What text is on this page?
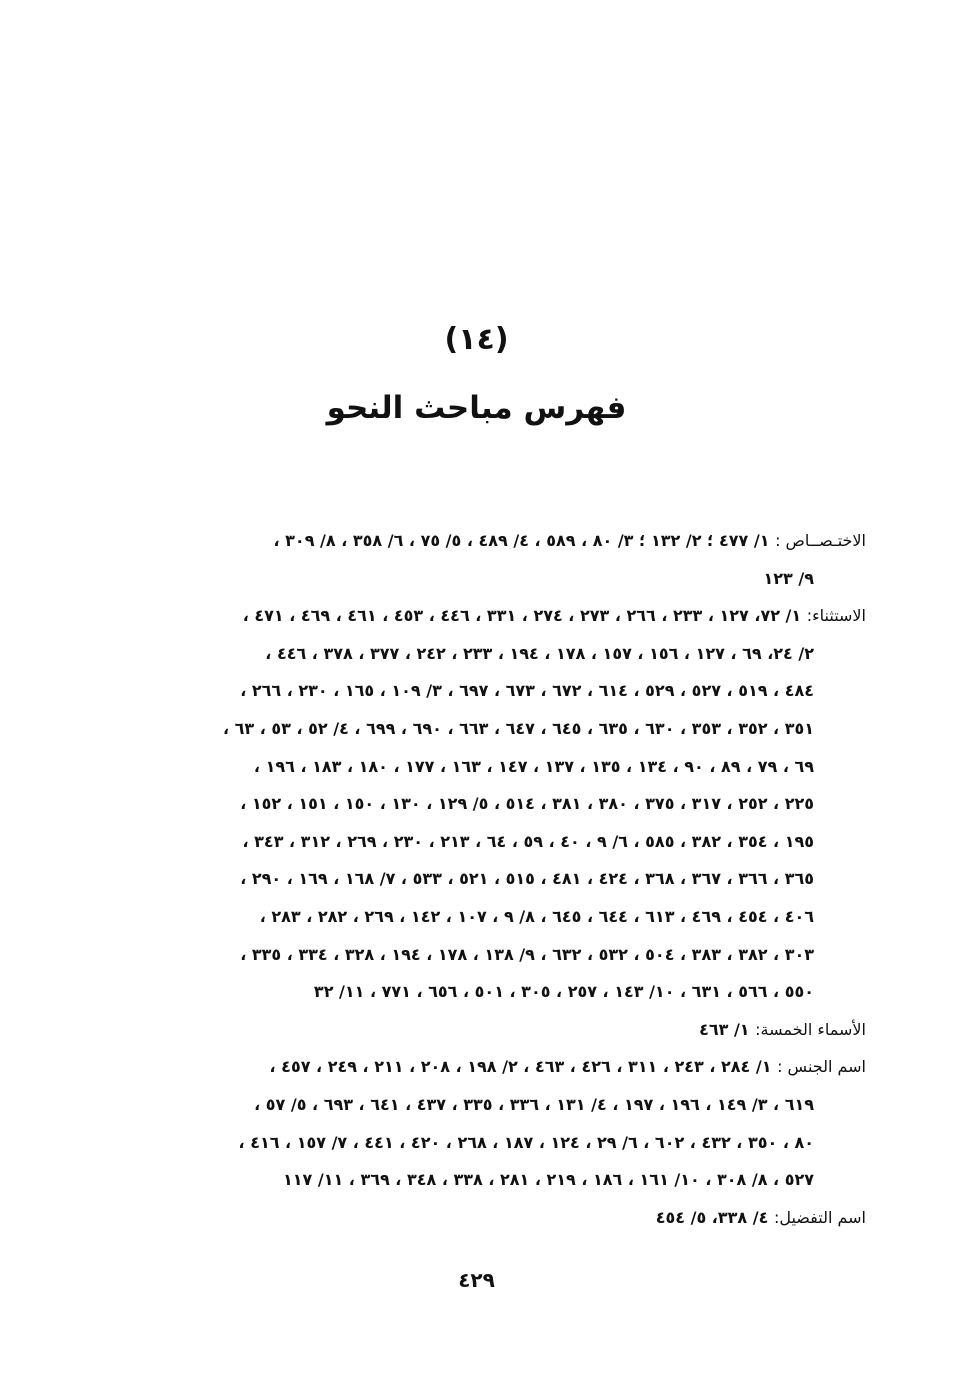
(١٤)
فهرس مباحث النحو
الاختـصــاص : ١/ ٤٧٧ ؛ ٢/ ١٣٢ ؛ ٣/ ٨٠ ، ٥٨٩ ، ٤/ ٤٨٩ ، ٥/ ٧٥ ، ٦/ ٣٥٨ ، ٨/ ٣٠٩ ،
٩/ ١٢٣
الاستثناء: ١/ ٧٢، ١٢٧ ، ٢٣٣ ، ٢٦٦ ، ٢٧٣ ، ٢٧٤ ، ٣٣١ ، ٤٤٦ ، ٤٥٣ ، ٤٦١ ، ٤٦٩ ، ٤٧١ ،
٢/ ٢٤، ٦٩ ، ١٢٧ ، ١٥٦ ، ١٥٧ ، ١٧٨ ، ١٩٤ ، ٢٣٣ ، ٢٤٢ ، ٣٧٧ ، ٣٧٨ ، ٤٤٦ ،
٤٨٤ ، ٥١٩ ، ٥٢٧ ، ٥٢٩ ، ٦١٤ ، ٦٧٢ ، ٦٧٣ ، ٦٩٧ ، ٣/ ١٠٩ ، ١٦٥ ، ٢٣٠ ، ٢٦٦ ،
٣٥١ ، ٣٥٢ ، ٣٥٣ ، ٦٣٠ ، ٦٣٥ ، ٦٤٥ ، ٦٤٧ ، ٦٦٣ ، ٦٩٠ ، ٦٩٩ ، ٤/ ٥٢ ، ٥٣ ، ٦٣ ،
٦٩ ، ٧٩ ، ٨٩ ، ٩٠ ، ١٣٤ ، ١٣٥ ، ١٣٧ ، ١٤٧ ، ١٦٣ ، ١٧٧ ، ١٨٠ ، ١٨٣ ، ١٩٦ ،
٢٢٥ ، ٢٥٢ ، ٣١٧ ، ٣٧٥ ، ٣٨٠ ، ٣٨١ ، ٥١٤ ، ٥/ ١٢٩ ، ١٣٠ ، ١٥٠ ، ١٥١ ، ١٥٢ ،
١٩٥ ، ٣٥٤ ، ٣٨٢ ، ٥٨٥ ، ٦/ ٩ ، ٤٠ ، ٥٩ ، ٦٤ ، ٢١٣ ، ٢٣٠ ، ٢٦٩ ، ٣١٢ ، ٣٤٣ ،
٣٦٥ ، ٣٦٦ ، ٣٦٧ ، ٣٦٨ ، ٤٢٤ ، ٤٨١ ، ٥١٥ ، ٥٢١ ، ٥٣٣ ، ٧/ ١٦٨ ، ١٦٩ ، ٢٩٠ ،
٤٠٦ ، ٤٥٤ ، ٤٦٩ ، ٦١٣ ، ٦٤٤ ، ٦٤٥ ، ٨/ ٩ ، ١٠٧ ، ١٤٢ ، ٢٦٩ ، ٢٨٢ ، ٢٨٣ ،
٣٠٣ ، ٣٨٢ ، ٣٨٣ ، ٥٠٤ ، ٥٣٢ ، ٦٣٢ ، ٩/ ١٣٨ ، ١٧٨ ، ١٩٤ ، ٣٢٨ ، ٣٣٤ ، ٣٣٥ ،
٥٥٠ ، ٥٦٦ ، ٦٣١ ، ١٠/ ١٤٣ ، ٢٥٧ ، ٣٠٥ ، ٥٠١ ، ٦٥٦ ، ٧٧١ ، ١١/ ٣٢
الأسماء الخمسة: ١/ ٤٦٣
اسم الجنس : ١/ ٢٨٤ ، ٢٤٣ ، ٣١١ ، ٤٢٦ ، ٤٦٣ ، ٢/ ١٩٨ ، ٢٠٨ ، ٢١١ ، ٢٤٩ ، ٤٥٧ ،
٦١٩ ، ٣/ ١٤٩ ، ١٩٦ ، ١٩٧ ، ٤/ ١٣١ ، ٣٣٦ ، ٣٣٥ ، ٤٣٧ ، ٦٤١ ، ٦٩٣ ، ٥/ ٥٧ ،
٨٠ ، ٣٥٠ ، ٤٣٢ ، ٦٠٢ ، ٦/ ٢٩ ، ١٢٤ ، ١٨٧ ، ٢٦٨ ، ٤٢٠ ، ٤٤١ ، ٧/ ١٥٧ ، ٤١٦ ،
٥٢٧ ، ٨/ ٣٠٨ ، ١٠/ ١٦١ ، ١٨٦ ، ٢١٩ ، ٢٨١ ، ٣٣٨ ، ٣٤٨ ، ٣٦٩ ، ١١/ ١١٧
اسم التفضيل: ٤/ ٣٣٨، ٥/ ٤٥٤
٤٢٩
